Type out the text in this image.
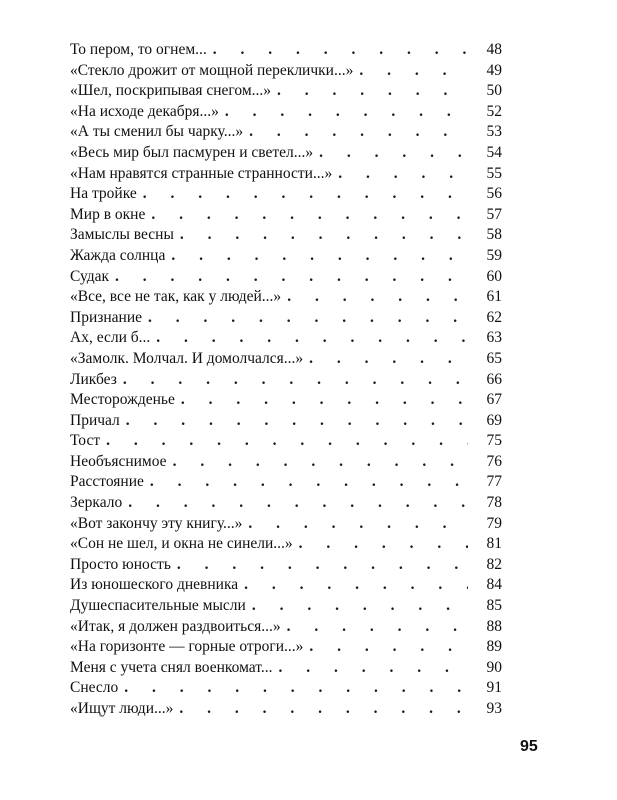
То пером, то огнем... . . .	48
«Стекло дрожит от мощной переклички...» . . .	49
«Шел, поскрипывая снегом...» . . .	50
«На исходе декабря...» . . .	52
«А ты сменил бы чарку...» . . .	53
«Весь мир был пасмурен и светел...» . . .	54
«Нам нравятся странные странности...» . . .	55
На тройке . . .	56
Мир в окне . . .	57
Замыслы весны . . .	58
Жажда солнца . . .	59
Судак . . .	60
«Все, все не так, как у людей...» . . .	61
Признание . . .	62
Ах, если б... . . .	63
«Замолк. Молчал. И домолчался...» . . .	65
Ликбез . . .	66
Месторожденье . . .	67
Причал . . .	69
Тост . . .	75
Необъяснимое . . .	76
Расстояние . . .	77
Зеркало . . .	78
«Вот закончу эту книгу...» . . .	79
«Сон не шел, и окна не синели...» . . .	81
Просто юность . . .	82
Из юношеского дневника . . .	84
Душеспасительные мысли . . .	85
«Итак, я должен раздвоиться...» . . .	88
«На горизонте — горные отроги...» . . .	89
Меня с учета снял военкомат... . . .	90
Снесло . . .	91
«Ищут люди...» . . .	93
95
